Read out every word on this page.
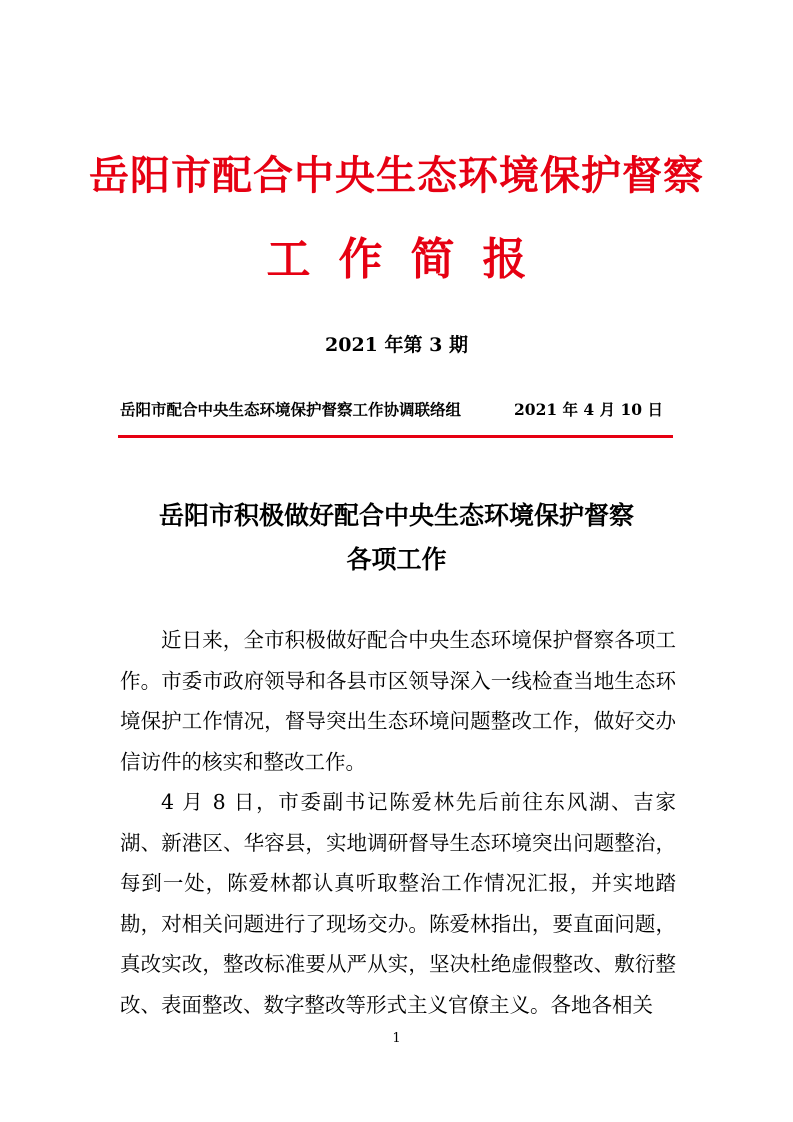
岳阳市配合中央生态环境保护督察
工作简报
2021 年第 3 期
岳阳市配合中央生态环境保护督察工作协调联络组	2021 年 4 月 10 日
岳阳市积极做好配合中央生态环境保护督察
各项工作

近日来，全市积极做好配合中央生态环境保护督察各项工作。市委市政府领导和各县市区领导深入一线检查当地生态环境保护工作情况，督导突出生态环境问题整改工作，做好交办信访件的核实和整改工作。

4 月 8 日，市委副书记陈爱林先后前往东风湖、吉家湖、新港区、华容县，实地调研督导生态环境突出问题整治，每到一处，陈爱林都认真听取整治工作情况汇报，并实地踏勘，对相关问题进行了现场交办。陈爱林指出，要直面问题，真改实改，整改标准要从严从实，坚决杜绝虚假整改、敷衍整改、表面整改、数字整改等形式主义官僚主义。各地各相关

1
